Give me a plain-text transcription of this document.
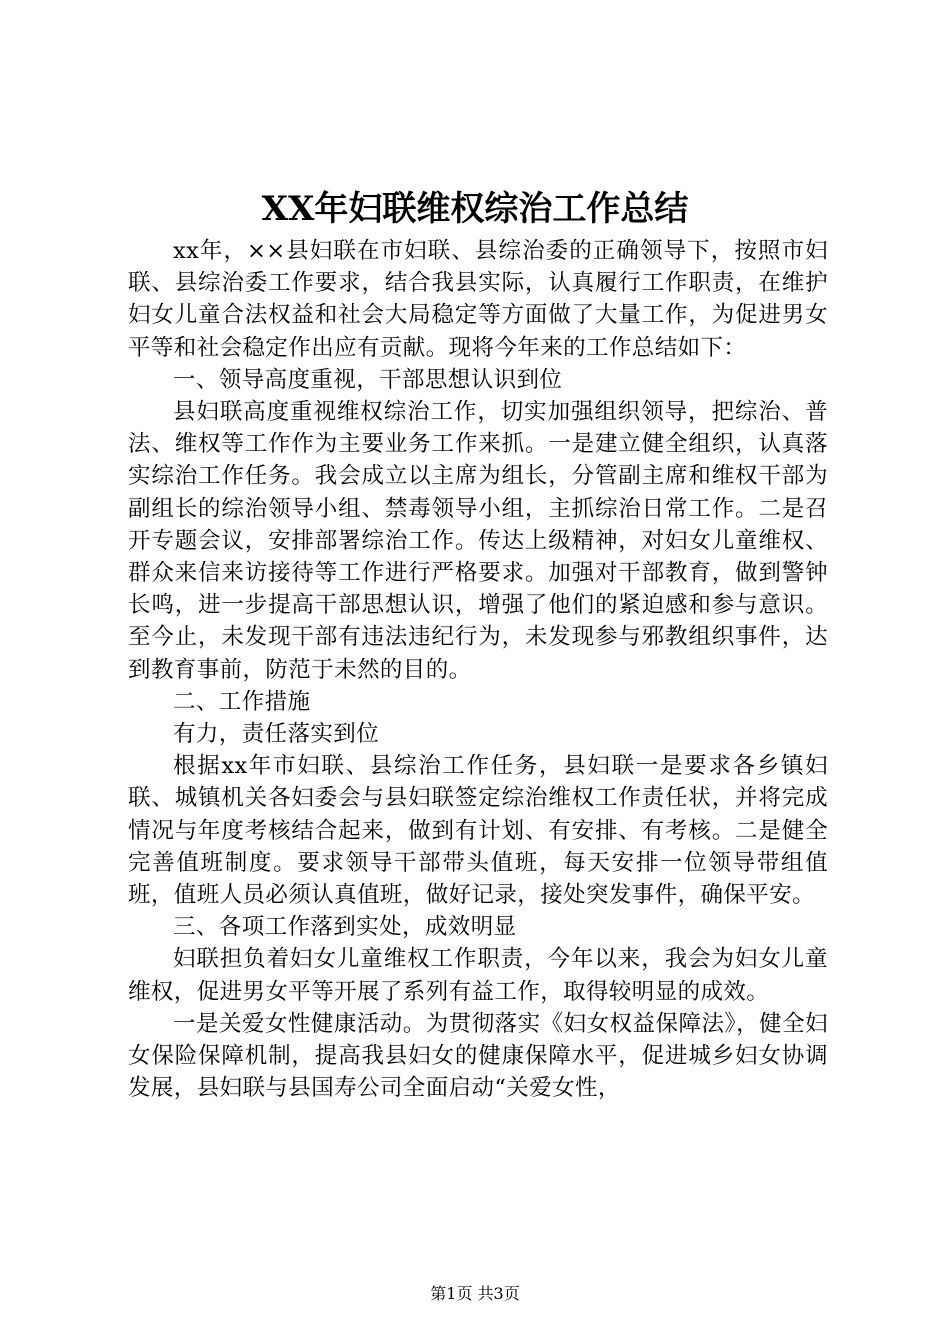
XX年妇联维权综治工作总结

xx年，××县妇联在市妇联、县综治委的正确领导下，按照市妇联、县综治委工作要求，结合我县实际，认真履行工作职责，在维护妇女儿童合法权益和社会大局稳定等方面做了大量工作，为促进男女平等和社会稳定作出应有贡献。现将今年来的工作总结如下：

一、领导高度重视，干部思想认识到位

县妇联高度重视维权综治工作，切实加强组织领导，把综治、普法、维权等工作作为主要业务工作来抓。一是建立健全组织，认真落实综治工作任务。我会成立以主席为组长，分管副主席和维权干部为副组长的综治领导小组、禁毒领导小组，主抓综治日常工作。二是召开专题会议，安排部署综治工作。传达上级精神，对妇女儿童维权、群众来信来访接待等工作进行严格要求。加强对干部教育，做到警钟长鸣，进一步提高干部思想认识，增强了他们的紧迫感和参与意识。至今止，未发现干部有违法违纪行为，未发现参与邪教组织事件，达到教育事前，防范于未然的目的。

二、工作措施

有力，责任落实到位

根据xx年市妇联、县综治工作任务，县妇联一是要求各乡镇妇联、城镇机关各妇委会与县妇联签定综治维权工作责任状，并将完成情况与年度考核结合起来，做到有计划、有安排、有考核。二是健全完善值班制度。要求领导干部带头值班，每天安排一位领导带组值班，值班人员必须认真值班，做好记录，接处突发事件，确保平安。

三、各项工作落到实处，成效明显

妇联担负着妇女儿童维权工作职责，今年以来，我会为妇女儿童维权，促进男女平等开展了系列有益工作，取得较明显的成效。

一是关爱女性健康活动。为贯彻落实《妇女权益保障法》，健全妇女保险保障机制，提高我县妇女的健康保障水平，促进城乡妇女协调发展，县妇联与县国寿公司全面启动“关爱女性，

第1页 共3页
